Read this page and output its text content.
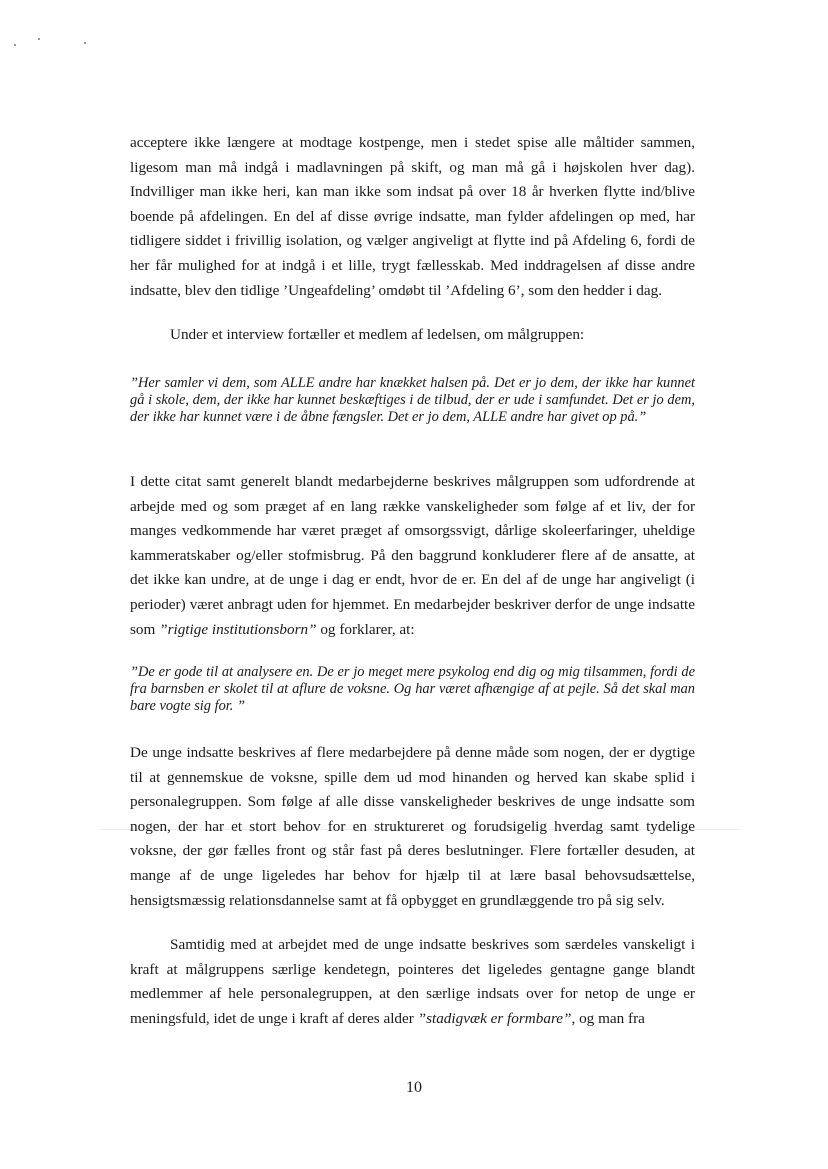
acceptere ikke længere at modtage kostpenge, men i stedet spise alle måltider sammen, ligesom man må indgå i madlavningen på skift, og man må gå i højskolen hver dag). Indvilliger man ikke heri, kan man ikke som indsat på over 18 år hverken flytte ind/blive boende på afdelingen. En del af disse øvrige indsatte, man fylder afdelingen op med, har tidligere siddet i frivillig isolation, og vælger angiveligt at flytte ind på Afdeling 6, fordi de her får mulighed for at indgå i et lille, trygt fællesskab. Med inddragelsen af disse andre indsatte, blev den tidlige ’Ungeafdeling’ omdøbt til ’Afdeling 6’, som den hedder i dag.

Under et interview fortæller et medlem af ledelsen, om målgruppen:

”Her samler vi dem, som ALLE andre har knækket halsen på. Det er jo dem, der ikke har kunnet gå i skole, dem, der ikke har kunnet beskæftiges i de tilbud, der er ude i samfundet. Det er jo dem, der ikke har kunnet være i de åbne fængsler. Det er jo dem, ALLE andre har givet op på.”

I dette citat samt generelt blandt medarbejderne beskrives målgruppen som udfordrende at arbejde med og som præget af en lang række vanskeligheder som følge af et liv, der for manges vedkommende har været præget af omsorgssvigt, dårlige skoleerfaringer, uheldige kammeratskaber og/eller stofmisbrug. På den baggrund konkluderer flere af de ansatte, at det ikke kan undre, at de unge i dag er endt, hvor de er. En del af de unge har angiveligt (i perioder) været anbragt uden for hjemmet. En medarbejder beskriver derfor de unge indsatte som ”rigtige institutionsborn” og forklarer, at:

”De er gode til at analysere en. De er jo meget mere psykolog end dig og mig tilsammen, fordi de fra barnsben er skolet til at aflure de voksne. Og har været afhængige af at pejle. Så det skal man bare vogte sig for. ”

De unge indsatte beskrives af flere medarbejdere på denne måde som nogen, der er dygtige til at gennemskue de voksne, spille dem ud mod hinanden og herved kan skabe splid i personalegruppen. Som følge af alle disse vanskeligheder beskrives de unge indsatte som nogen, der har et stort behov for en struktureret og forudsigelig hverdag samt tydelige voksne, der gør fælles front og står fast på deres beslutninger. Flere fortæller desuden, at mange af de unge ligeledes har behov for hjælp til at lære basal behovsudsættelse, hensigtsmæssig relationsdannelse samt at få opbygget en grundlæggende tro på sig selv.

Samtidig med at arbejdet med de unge indsatte beskrives som særdeles vanskeligt i kraft at målgruppens særlige kendetegn, pointeres det ligeledes gentagne gange blandt medlemmer af hele personalegruppen, at den særlige indsats over for netop de unge er meningsfuld, idet de unge i kraft af deres alder ”stadigvæk er formbare”, og man fra

10
